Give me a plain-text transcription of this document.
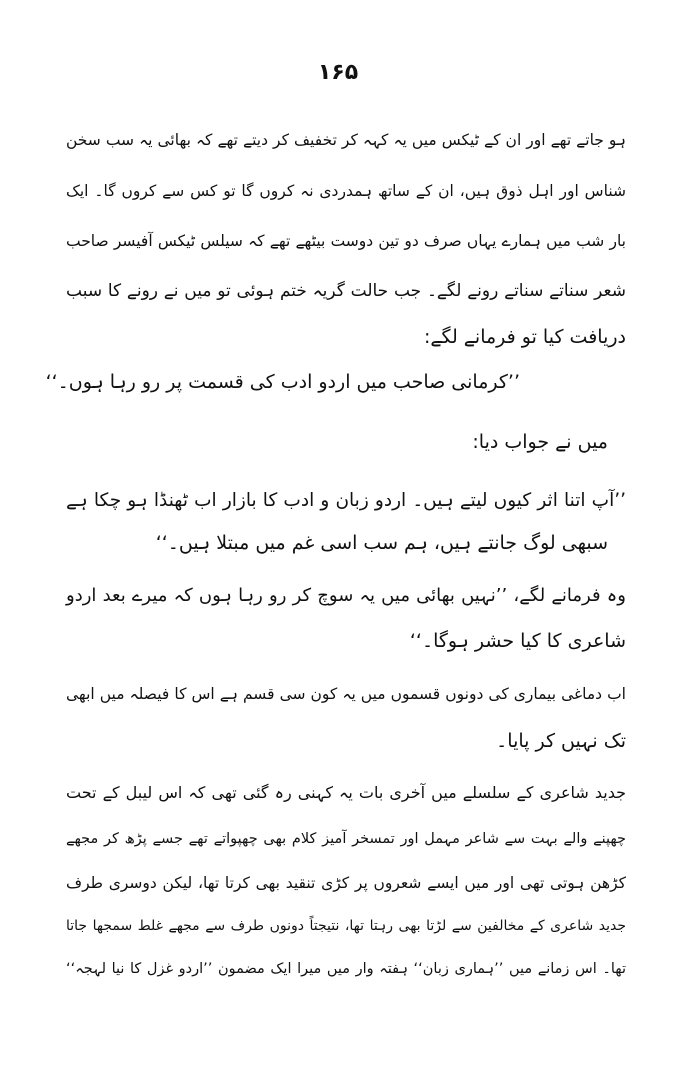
۱۶۵
ہو جاتے تھے اور ان کے ٹیکس میں یہ کہہ کر تخفیف کر دیتے تھے کہ بھائی یہ سب سخن
شناس اور اہل ذوق ہیں، ان کے ساتھ ہمدردی نہ کروں گا تو کس سے کروں گا۔ ایک
بار شب میں ہمارے یہاں صرف دو تین دوست بیٹھے تھے کہ سیلس ٹیکس آفیسر صاحب
شعر سناتے سناتے رونے لگے۔ جب حالت گریہ ختم ہوئی تو میں نے رونے کا سبب
دریافت کیا تو فرمانے لگے:
’’کرمانی صاحب میں اردو ادب کی قسمت پر رو رہا ہوں۔‘‘
میں نے جواب دیا:
’’آپ اتنا اثر کیوں لیتے ہیں۔ اردو زبان و ادب کا بازار اب ٹھنڈا ہو چکا ہے
سبھی لوگ جانتے ہیں، ہم سب اسی غم میں مبتلا ہیں۔‘‘
وہ فرمانے لگے، ’’نہیں بھائی میں یہ سوچ کر رو رہا ہوں کہ میرے بعد اردو
شاعری کا کیا حشر ہوگا۔‘‘
اب دماغی بیماری کی دونوں قسموں میں یہ کون سی قسم ہے اس کا فیصلہ میں ابھی
تک نہیں کر پایا۔
جدید شاعری کے سلسلے میں آخری بات یہ کہنی رہ گئی تھی کہ اس لیبل کے تحت
چھپنے والے بہت سے شاعر مہمل اور تمسخر آمیز کلام بھی چھپواتے تھے جسے پڑھ کر مجھے
کڑھن ہوتی تھی اور میں ایسے شعروں پر کڑی تنقید بھی کرتا تھا، لیکن دوسری طرف
جدید شاعری کے مخالفین سے لڑتا بھی رہتا تھا، نتیجتاً دونوں طرف سے مجھے غلط سمجھا جاتا
تھا۔ اس زمانے میں ’’ہماری زبان‘‘ ہفتہ وار میں میرا ایک مضمون ’’اردو غزل کا نیا لہجہ‘‘
